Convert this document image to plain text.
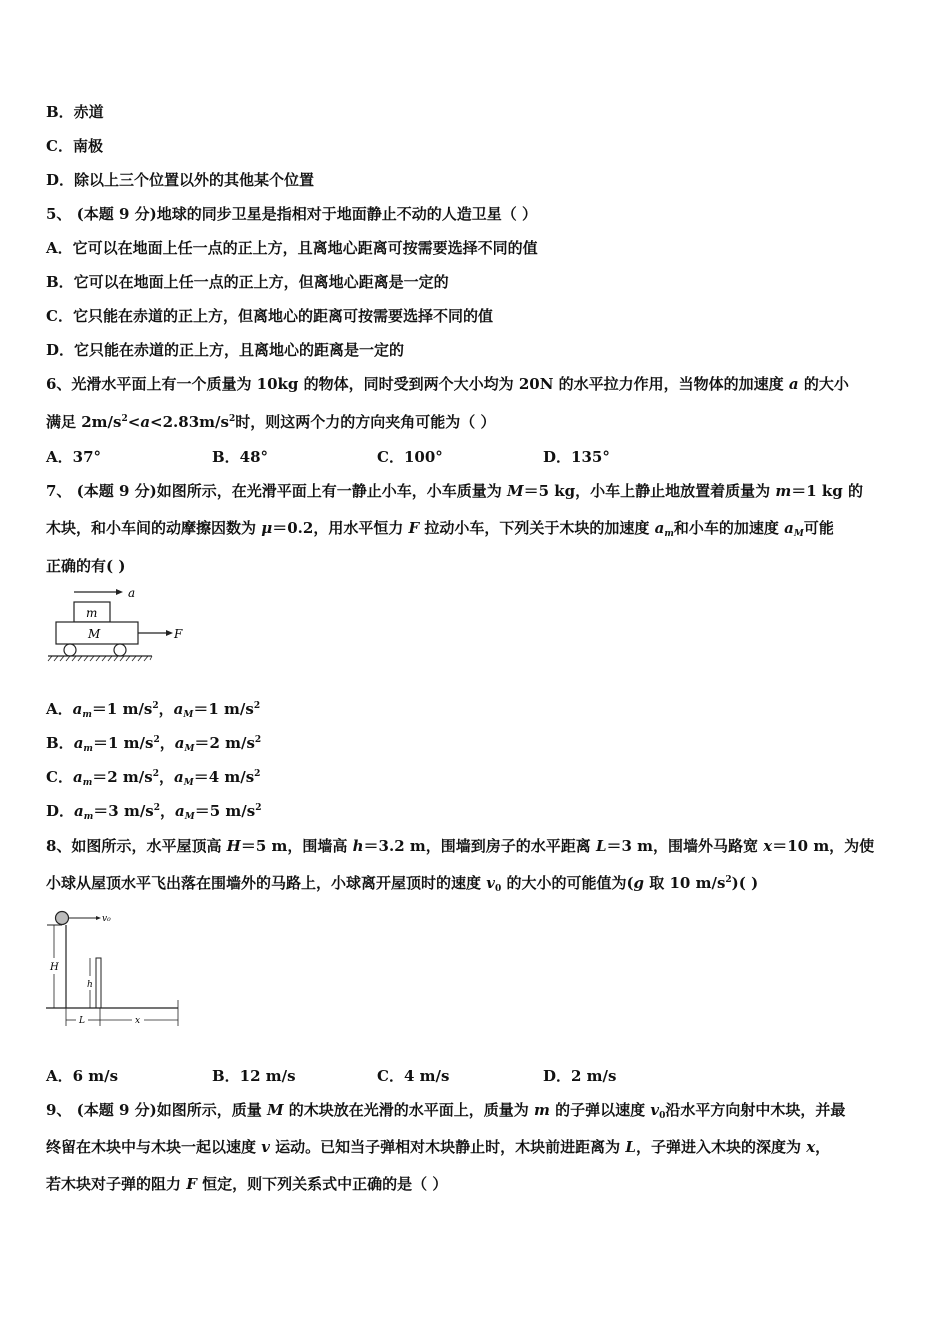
B．赤道
C．南极
D．除以上三个位置以外的其他某个位置
5、 (本题 9 分)地球的同步卫星是指相对于地面静止不动的人造卫星（ ）
A．它可以在地面上任一点的正上方，且离地心距离可按需要选择不同的值
B．它可以在地面上任一点的正上方，但离地心距离是一定的
C．它只能在赤道的正上方，但离地心的距离可按需要选择不同的值
D．它只能在赤道的正上方，且离地心的距离是一定的
6、光滑水平面上有一个质量为 10kg 的物体，同时受到两个大小均为 20N 的水平拉力作用，当物体的加速度 a 的大小
满足 $2m/s^2<a<2.83m/s^2$时，则这两个力的方向夹角可能为（ ）
A．37°	B．48°	C．100°	D．135°
7、 (本题 9 分)如图所示，在光滑平面上有一静止小车，小车质量为 M＝5 kg，小车上静止地放置着质量为 m＝1 kg 的
木块，和小车间的动摩擦因数为 μ＝0.2，用水平恒力 F 拉动小车，下列关于木块的加速度 $a_m$和小车的加速度 $a_M$可能
正确的有( )
a
m
M	F
A．$a_m=1$ $m/s^2$，$a_M=1$ $m/s^2$
B．$a_m=1$ $m/s^2$，$a_M=2$ $m/s^2$
C．$a_m=2$ $m/s^2$，$a_M=4$ $m/s^2$
D．$a_m=3$ $m/s^2$，$a_M=5$ $m/s^2$
8、如图所示，水平屋顶高 H＝5 m，围墙高 h＝3.2 m，围墙到房子的水平距离 L＝3 m，围墙外马路宽 x＝10 m，为使
小球从屋顶水平飞出落在围墙外的马路上，小球离开屋顶时的速度 $v_0$ 的大小的可能值为(g 取 10 $m/s^2$)( )
v₀
H
h
L	x
A．6 m/s	B．12 m/s	C．4 m/s	D．2 m/s
9、 (本题 9 分)如图所示，质量 M 的木块放在光滑的水平面上，质量为 m 的子弹以速度 $v_0$沿水平方向射中木块，并最
终留在木块中与木块一起以速度 v 运动。已知当子弹相对木块静止时，木块前进距离为 L，子弹进入木块的深度为 x，
若木块对子弹的阻力 F 恒定，则下列关系式中正确的是（ ）
